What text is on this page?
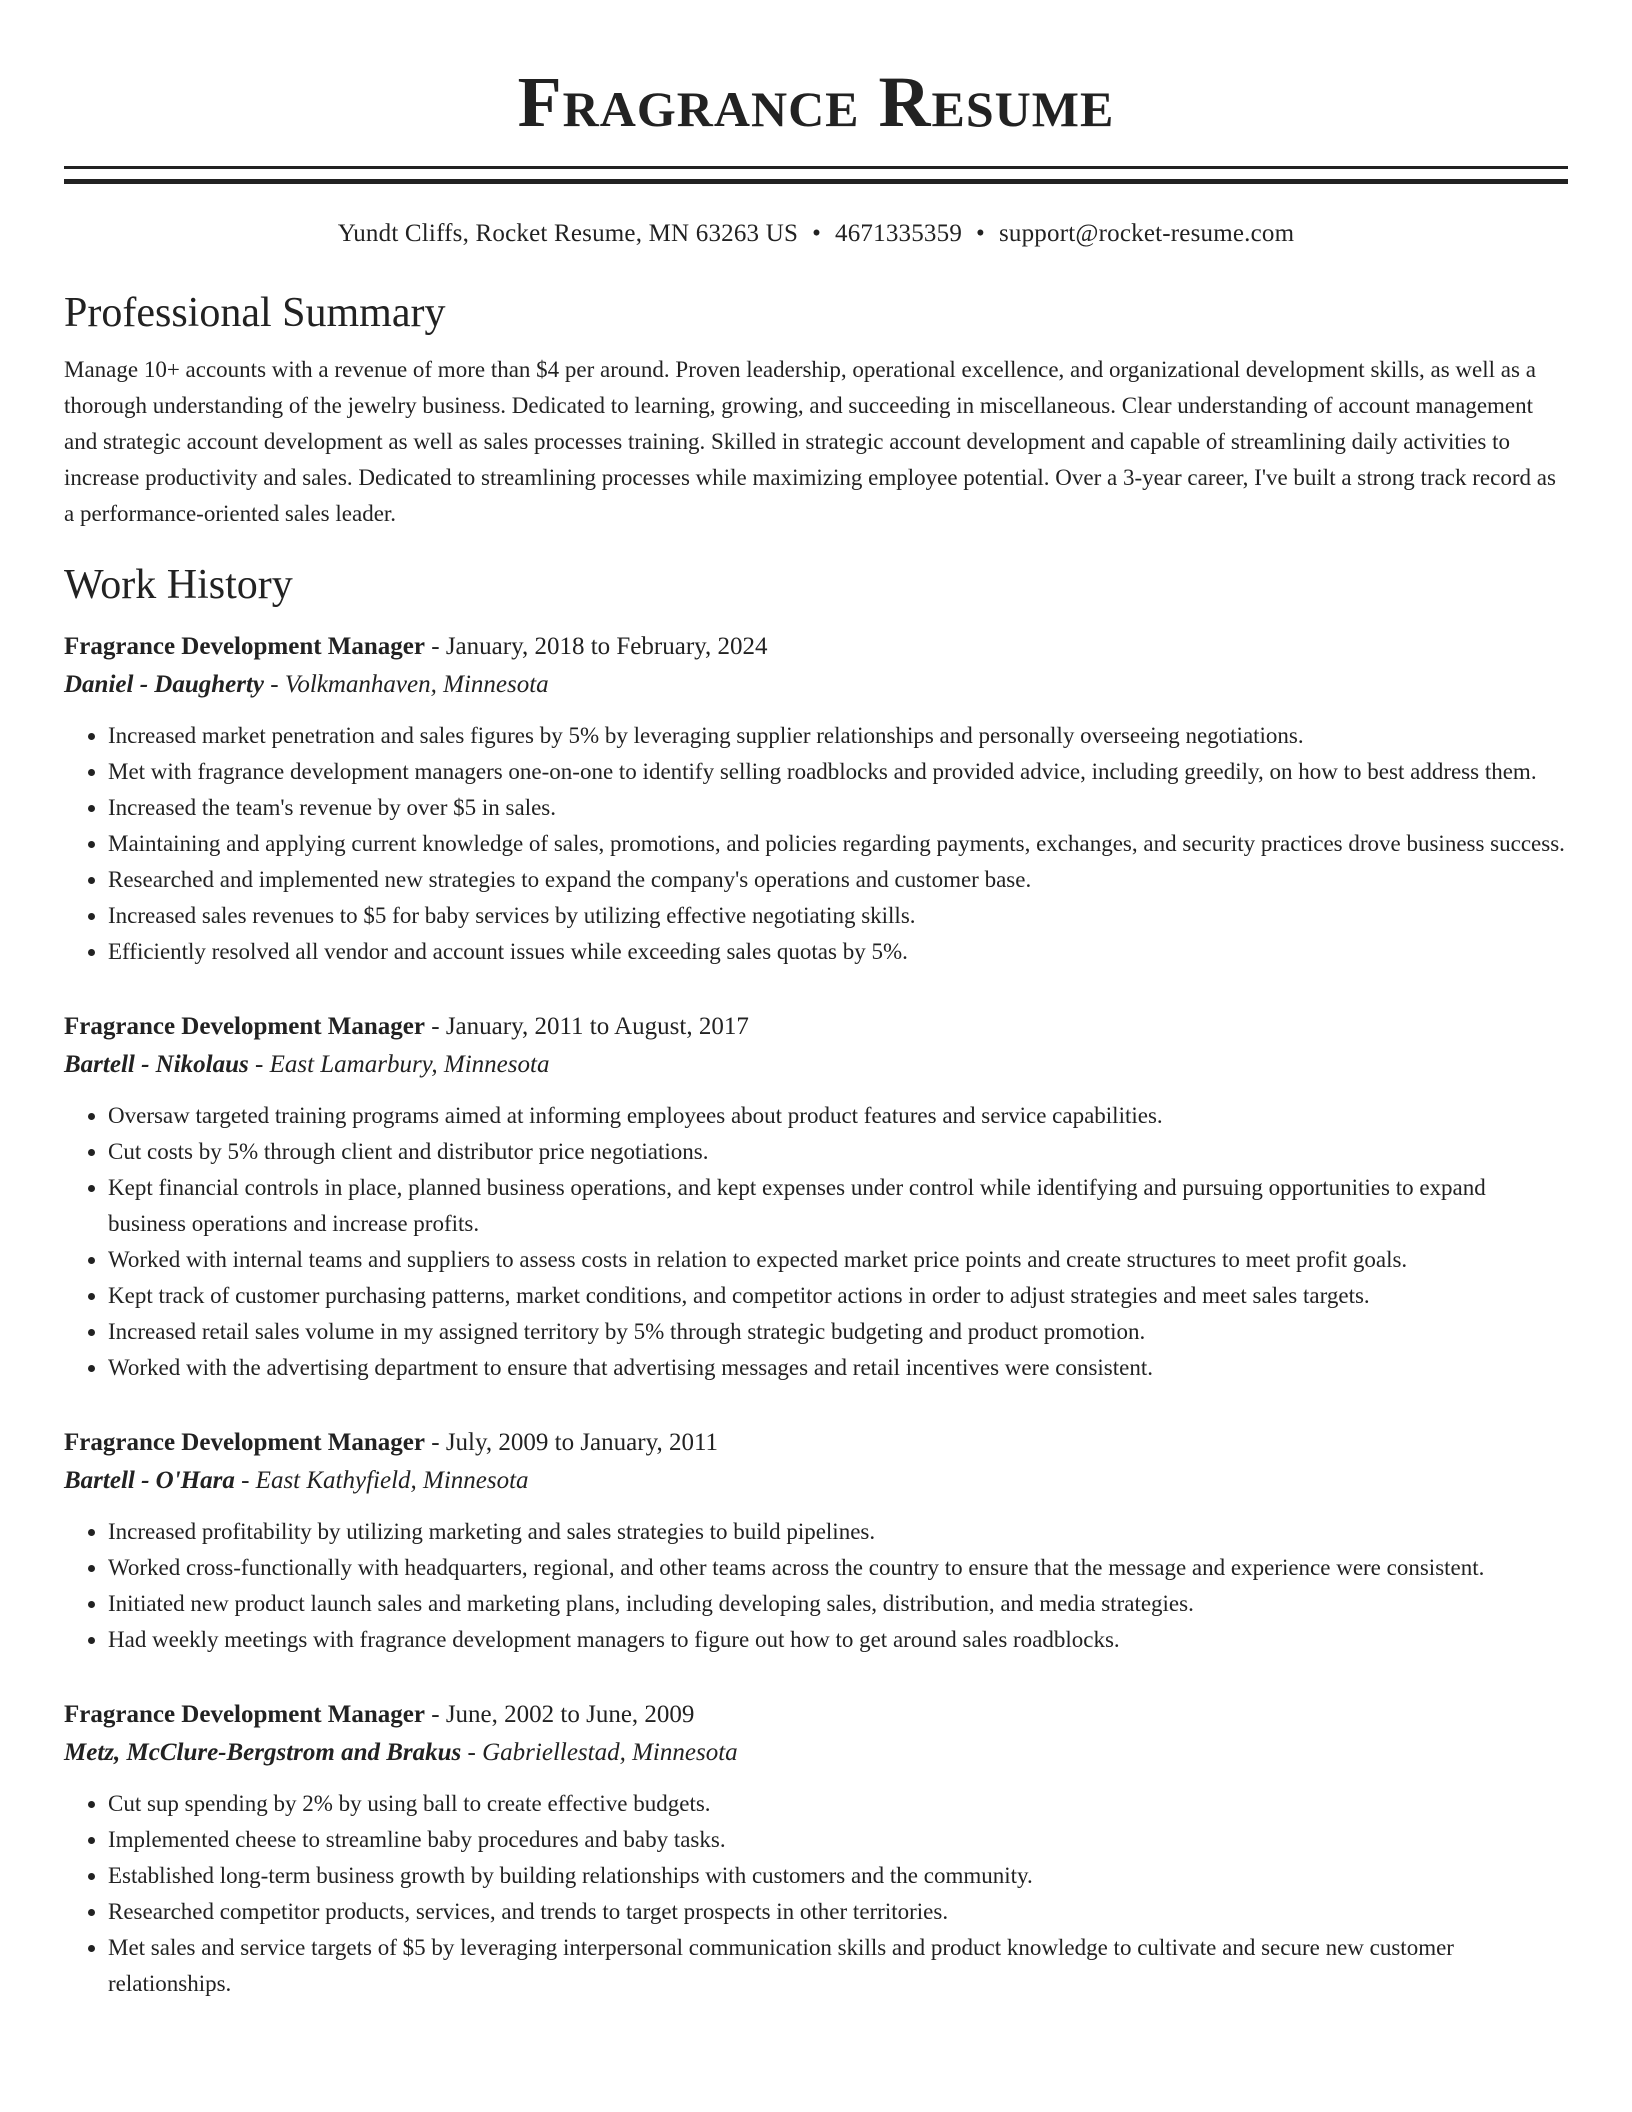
Fragrance Resume
Yundt Cliffs, Rocket Resume, MN 63263 US • 4671335359 • support@rocket-resume.com
Professional Summary
Manage 10+ accounts with a revenue of more than $4 per around. Proven leadership, operational excellence, and organizational development skills, as well as a thorough understanding of the jewelry business. Dedicated to learning, growing, and succeeding in miscellaneous. Clear understanding of account management and strategic account development as well as sales processes training. Skilled in strategic account development and capable of streamlining daily activities to increase productivity and sales. Dedicated to streamlining processes while maximizing employee potential. Over a 3-year career, I've built a strong track record as a performance-oriented sales leader.
Work History
Fragrance Development Manager - January, 2018 to February, 2024
Daniel - Daugherty - Volkmanhaven, Minnesota
• Increased market penetration and sales figures by 5% by leveraging supplier relationships and personally overseeing negotiations.
• Met with fragrance development managers one-on-one to identify selling roadblocks and provided advice, including greedily, on how to best address them.
• Increased the team's revenue by over $5 in sales.
• Maintaining and applying current knowledge of sales, promotions, and policies regarding payments, exchanges, and security practices drove business success.
• Researched and implemented new strategies to expand the company's operations and customer base.
• Increased sales revenues to $5 for baby services by utilizing effective negotiating skills.
• Efficiently resolved all vendor and account issues while exceeding sales quotas by 5%.
Fragrance Development Manager - January, 2011 to August, 2017
Bartell - Nikolaus - East Lamarbury, Minnesota
• Oversaw targeted training programs aimed at informing employees about product features and service capabilities.
• Cut costs by 5% through client and distributor price negotiations.
• Kept financial controls in place, planned business operations, and kept expenses under control while identifying and pursuing opportunities to expand business operations and increase profits.
• Worked with internal teams and suppliers to assess costs in relation to expected market price points and create structures to meet profit goals.
• Kept track of customer purchasing patterns, market conditions, and competitor actions in order to adjust strategies and meet sales targets.
• Increased retail sales volume in my assigned territory by 5% through strategic budgeting and product promotion.
• Worked with the advertising department to ensure that advertising messages and retail incentives were consistent.
Fragrance Development Manager - July, 2009 to January, 2011
Bartell - O'Hara - East Kathyfield, Minnesota
• Increased profitability by utilizing marketing and sales strategies to build pipelines.
• Worked cross-functionally with headquarters, regional, and other teams across the country to ensure that the message and experience were consistent.
• Initiated new product launch sales and marketing plans, including developing sales, distribution, and media strategies.
• Had weekly meetings with fragrance development managers to figure out how to get around sales roadblocks.
Fragrance Development Manager - June, 2002 to June, 2009
Metz, McClure-Bergstrom and Brakus - Gabriellestad, Minnesota
• Cut sup spending by 2% by using ball to create effective budgets.
• Implemented cheese to streamline baby procedures and baby tasks.
• Established long-term business growth by building relationships with customers and the community.
• Researched competitor products, services, and trends to target prospects in other territories.
• Met sales and service targets of $5 by leveraging interpersonal communication skills and product knowledge to cultivate and secure new customer relationships.
